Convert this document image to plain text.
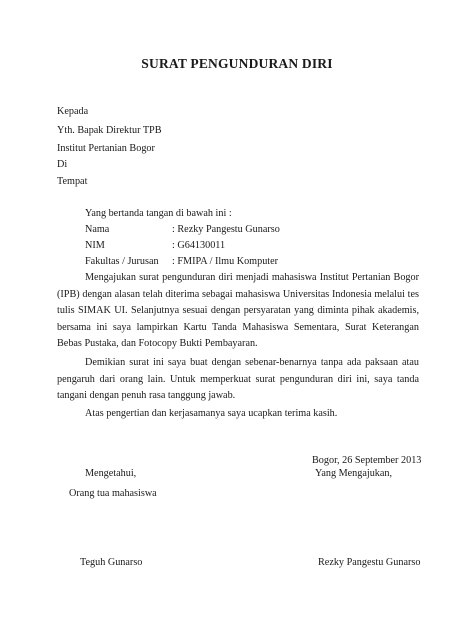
SURAT PENGUNDURAN DIRI
Kepada
Yth. Bapak Direktur TPB
Institut Pertanian Bogor
Di
Tempat
Yang bertanda tangan di bawah ini :
Nama	: Rezky Pangestu Gunarso
NIM	: G64130011
Fakultas / Jurusan : FMIPA / Ilmu Komputer
Mengajukan surat pengunduran diri menjadi mahasiswa Institut Pertanian Bogor (IPB) dengan alasan telah diterima sebagai mahasiswa Universitas Indonesia melalui tes tulis SIMAK UI. Selanjutnya sesuai dengan persyaratan yang diminta pihak akademis, bersama ini saya lampirkan Kartu Tanda Mahasiswa Sementara, Surat Keterangan Bebas Pustaka, dan Fotocopy Bukti Pembayaran.
Demikian surat ini saya buat dengan sebenar-benarnya tanpa ada paksaan atau pengaruh dari orang lain. Untuk memperkuat surat pengunduran diri ini, saya tanda tangani dengan penuh rasa tanggung jawab.
Atas pengertian dan kerjasamanya saya ucapkan terima kasih.
Bogor, 26 September 2013
Mengetahui,	Yang Mengajukan,
Orang tua mahasiswa
Teguh Gunarso	Rezky Pangestu Gunarso
